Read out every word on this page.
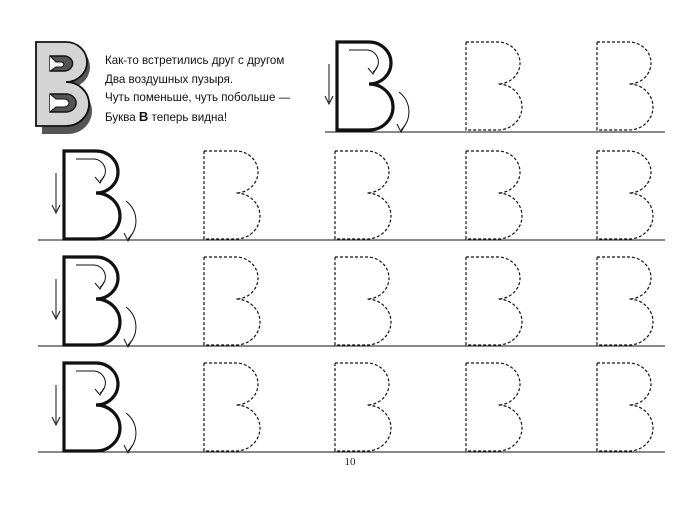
Как-то встретились друг с другом
Два воздушных пузыря.
Чуть поменьше, чуть побольше —
Буква В теперь видна!
10
